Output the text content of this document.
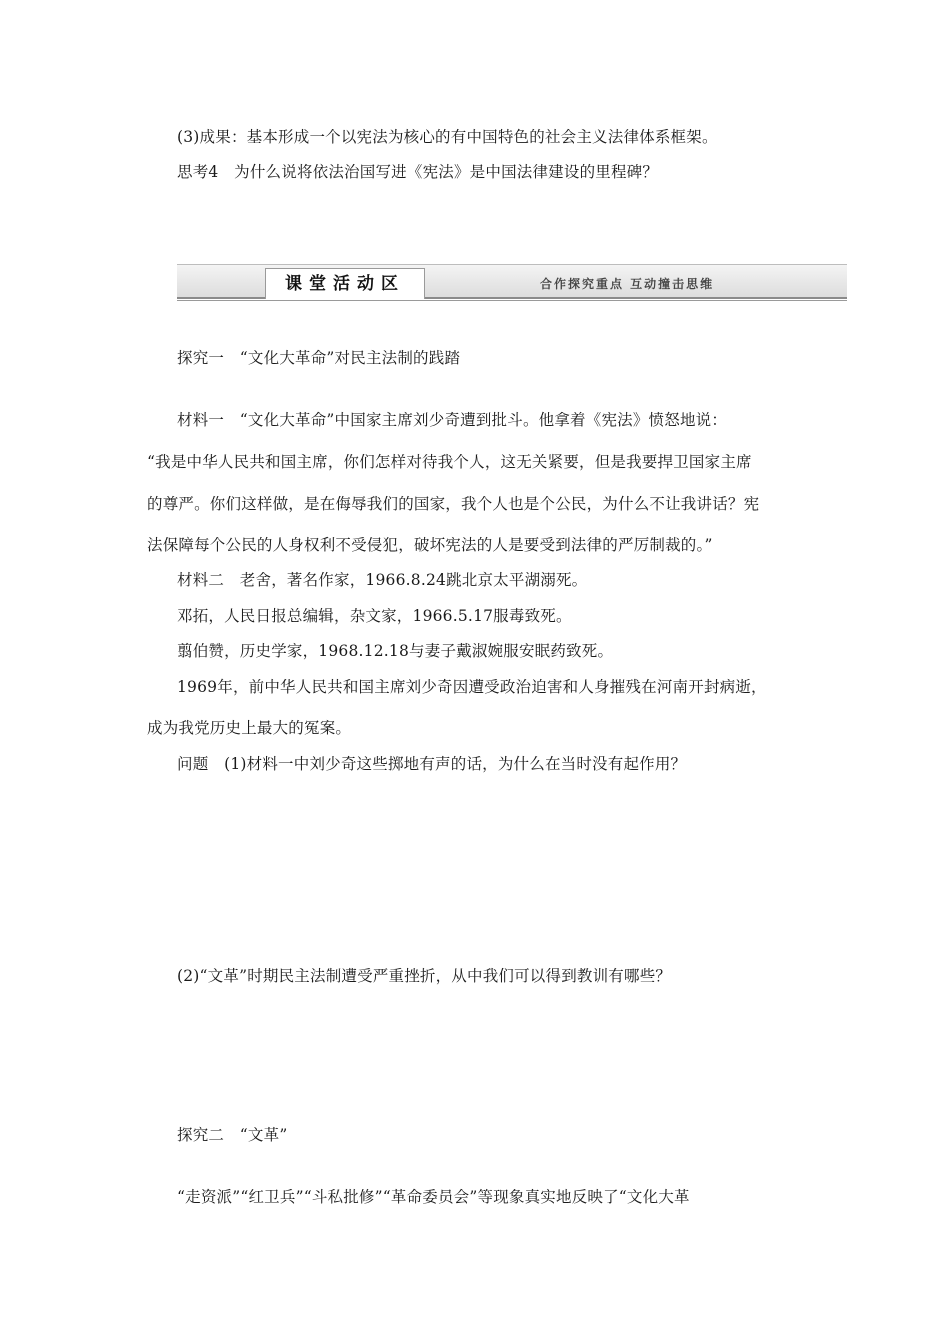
(3)成果：基本形成一个以宪法为核心的有中国特色的社会主义法律体系框架。
思考4　为什么说将依法治国写进《宪法》是中国法律建设的里程碑？
课堂活动区	合作探究重点 互动撞击思维
探究一　“文化大革命”对民主法制的践踏
材料一　“文化大革命”中国家主席刘少奇遭到批斗。他拿着《宪法》愤怒地说：
“我是中华人民共和国主席，你们怎样对待我个人，这无关紧要，但是我要捍卫国家主席
的尊严。你们这样做，是在侮辱我们的国家，我个人也是个公民，为什么不让我讲话？宪
法保障每个公民的人身权利不受侵犯，破坏宪法的人是要受到法律的严厉制裁的。”
材料二　老舍，著名作家，1966.8.24跳北京太平湖溺死。
邓拓，人民日报总编辑，杂文家，1966.5.17服毒致死。
翦伯赞，历史学家，1968.12.18与妻子戴淑婉服安眠药致死。
1969年，前中华人民共和国主席刘少奇因遭受政治迫害和人身摧残在河南开封病逝，
成为我党历史上最大的冤案。
问题　(1)材料一中刘少奇这些掷地有声的话，为什么在当时没有起作用？
(2)“文革”时期民主法制遭受严重挫折，从中我们可以得到教训有哪些？
探究二　“文革”
“走资派”“红卫兵”“斗私批修”“革命委员会”等现象真实地反映了“文化大革
